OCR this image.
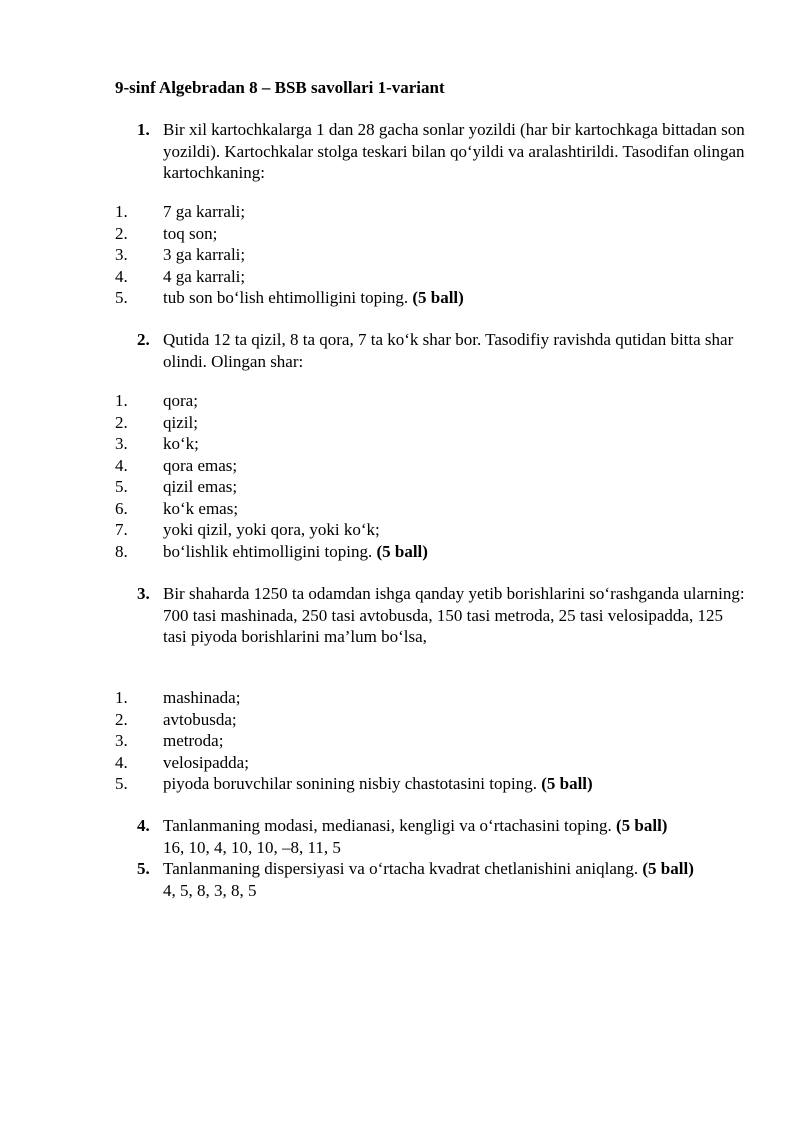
9-sinf Algebradan 8 – BSB savollari 1-variant

1. Bir xil kartochkalarga 1 dan 28 gacha sonlar yozildi (har bir kartochkaga bittadan son yozildi). Kartochkalar stolga teskari bilan qo‘yildi va aralashtirildi. Tasodifan olingan kartochkaning:
1. 7 ga karrali;
2. toq son;
3. 3 ga karrali;
4. 4 ga karrali;
5. tub son bo‘lish ehtimolligini toping. (5 ball)
2. Qutida 12 ta qizil, 8 ta qora, 7 ta ko‘k shar bor. Tasodifiy ravishda qutidan bitta shar olindi. Olingan shar:
1. qora;
2. qizil;
3. ko‘k;
4. qora emas;
5. qizil emas;
6. ko‘k emas;
7. yoki qizil, yoki qora, yoki ko‘k;
8. bo‘lishlik ehtimolligini toping. (5 ball)
3. Bir shaharda 1250 ta odamdan ishga qanday yetib borishlarini so‘rashganda ularning:
700 tasi mashinada, 250 tasi avtobusda, 150 tasi metroda, 25 tasi velosipadda, 125 tasi piyoda borishlarini ma’lum bo‘lsa,
1. mashinada;
2. avtobusda;
3. metroda;
4. velosipadda;
5. piyoda boruvchilar sonining nisbiy chastotasini toping. (5 ball)
4. Tanlanmaning modasi, medianasi, kengligi va o‘rtachasini toping. (5 ball)
16, 10, 4, 10, 10, –8, 11, 5
5. Tanlanmaning dispersiyasi va o‘rtacha kvadrat chetlanishini aniqlang. (5 ball)
4, 5, 8, 3, 8, 5
